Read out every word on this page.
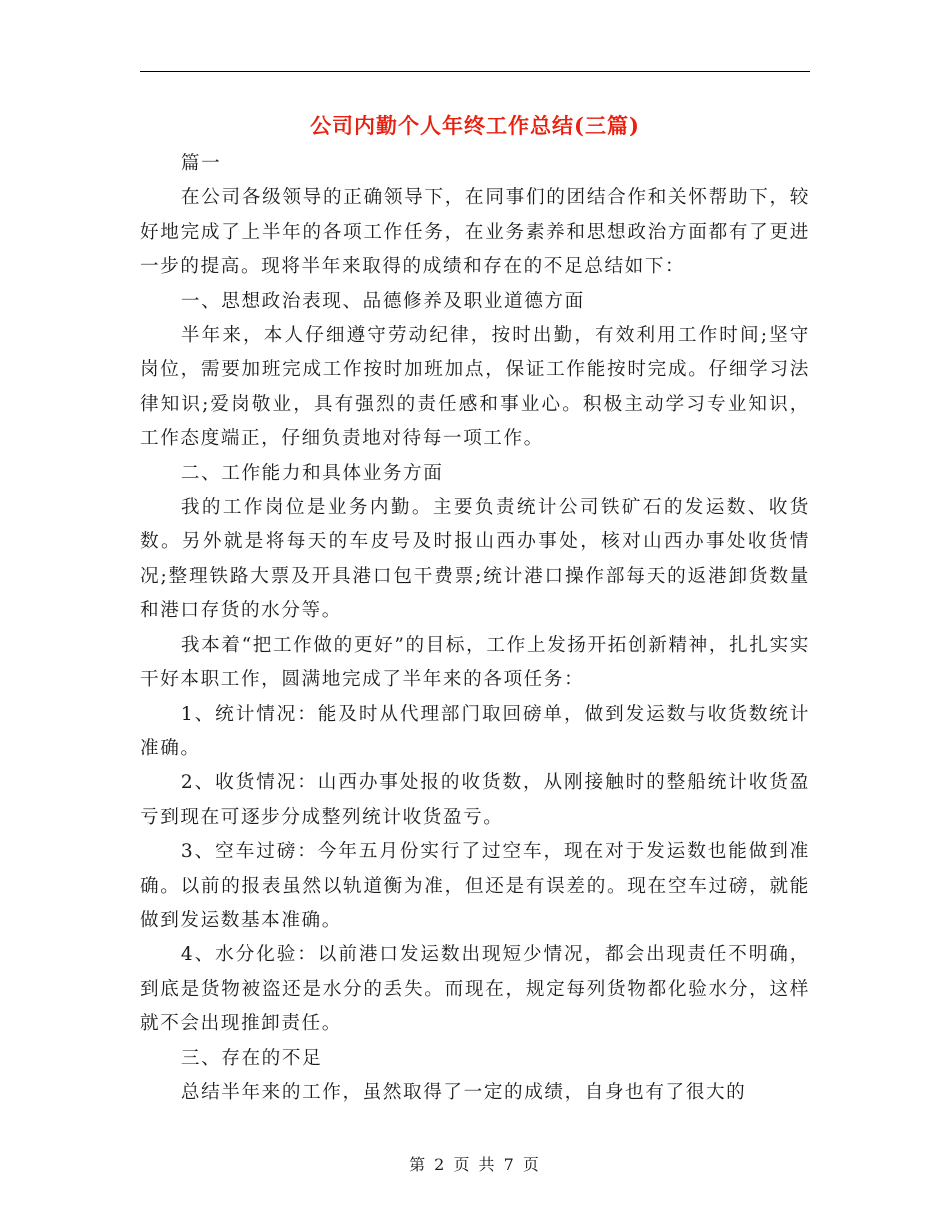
公司内勤个人年终工作总结(三篇)

篇一

在公司各级领导的正确领导下，在同事们的团结合作和关怀帮助下，较好地完成了上半年的各项工作任务，在业务素养和思想政治方面都有了更进一步的提高。现将半年来取得的成绩和存在的不足总结如下：

一、思想政治表现、品德修养及职业道德方面

半年来，本人仔细遵守劳动纪律，按时出勤，有效利用工作时间;坚守岗位，需要加班完成工作按时加班加点，保证工作能按时完成。仔细学习法律知识;爱岗敬业，具有强烈的责任感和事业心。积极主动学习专业知识，工作态度端正，仔细负责地对待每一项工作。

二、工作能力和具体业务方面

我的工作岗位是业务内勤。主要负责统计公司铁矿石的发运数、收货数。另外就是将每天的车皮号及时报山西办事处，核对山西办事处收货情况;整理铁路大票及开具港口包干费票;统计港口操作部每天的返港卸货数量和港口存货的水分等。

我本着“把工作做的更好”的目标，工作上发扬开拓创新精神，扎扎实实干好本职工作，圆满地完成了半年来的各项任务：

1、统计情况：能及时从代理部门取回磅单，做到发运数与收货数统计准确。

2、收货情况：山西办事处报的收货数，从刚接触时的整船统计收货盈亏到现在可逐步分成整列统计收货盈亏。

3、空车过磅：今年五月份实行了过空车，现在对于发运数也能做到准确。以前的报表虽然以轨道衡为准，但还是有误差的。现在空车过磅，就能做到发运数基本准确。

4、水分化验：以前港口发运数出现短少情况，都会出现责任不明确，到底是货物被盗还是水分的丢失。而现在，规定每列货物都化验水分，这样就不会出现推卸责任。

三、存在的不足

总结半年来的工作，虽然取得了一定的成绩，自身也有了很大的

第 2 页 共 7 页
